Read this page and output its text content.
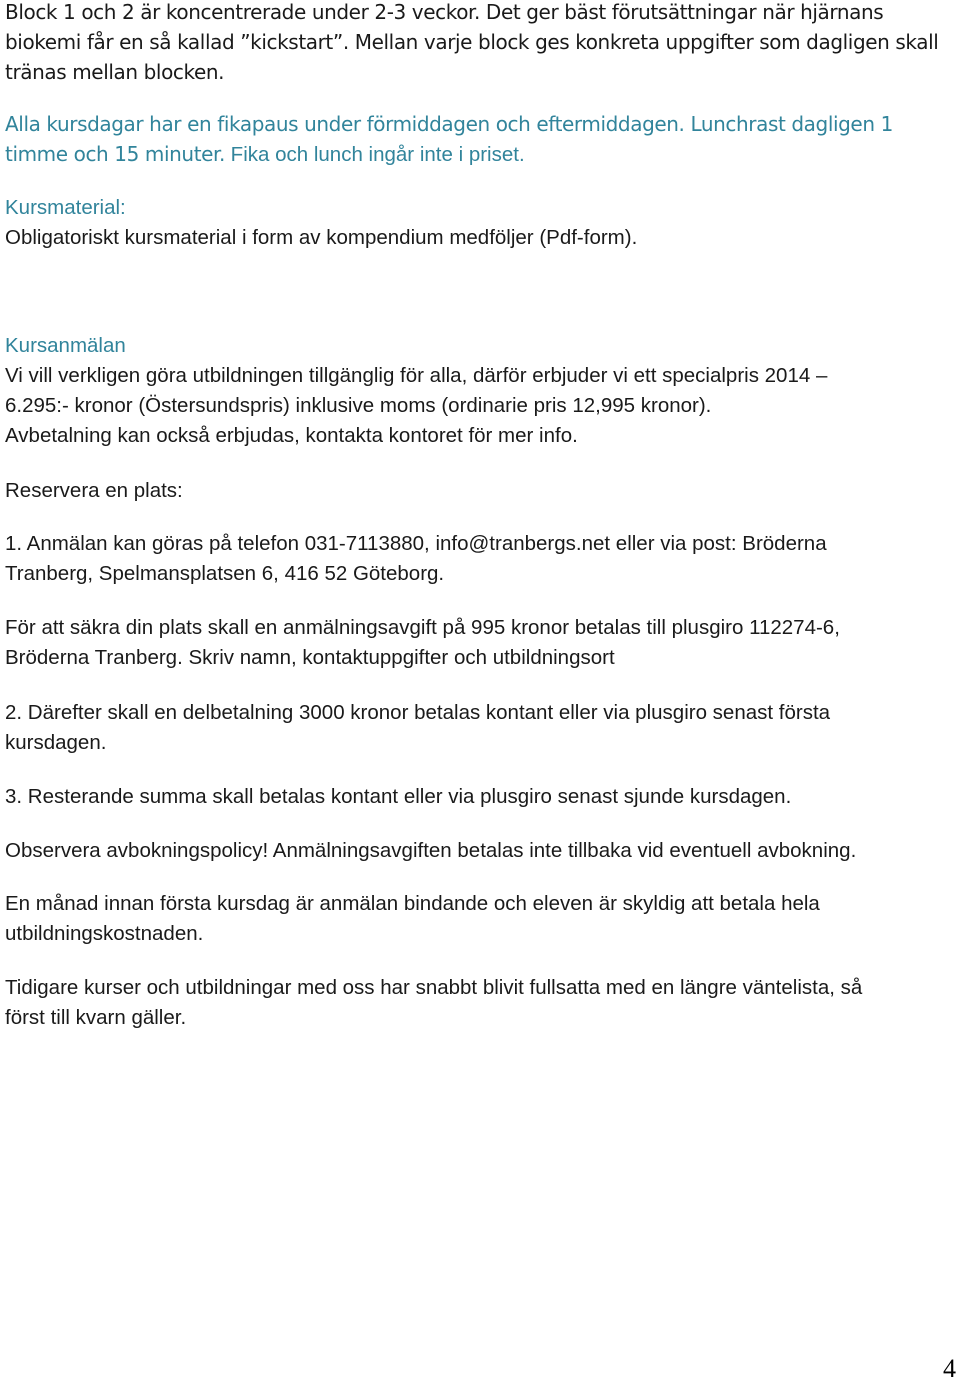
Block 1 och 2 är koncentrerade under 2-3 veckor. Det ger bäst förutsättningar när hjärnans
biokemi får en så kallad ”kickstart”. Mellan varje block ges konkreta uppgifter som dagligen skall
tränas mellan blocken.
Alla kursdagar har en fikapaus under förmiddagen och eftermiddagen. Lunchrast dagligen 1
timme och 15 minuter. Fika och lunch ingår inte i priset.
Kursmaterial:
Obligatoriskt kursmaterial i form av kompendium medföljer (Pdf-form).
Kursanmälan
Vi vill verkligen göra utbildningen tillgänglig för alla, därför erbjuder vi ett specialpris 2014 –
6.295:- kronor (Östersundspris) inklusive moms (ordinarie pris 12,995 kronor).
Avbetalning kan också erbjudas, kontakta kontoret för mer info.
Reservera en plats:
1. Anmälan kan göras på telefon 031-7113880, info@tranbergs.net eller via post: Bröderna
Tranberg, Spelmansplatsen 6, 416 52 Göteborg.
För att säkra din plats skall en anmälningsavgift på 995 kronor betalas till plusgiro 112274-6,
Bröderna Tranberg. Skriv namn, kontaktuppgifter och utbildningsort
2. Därefter skall en delbetalning 3000 kronor betalas kontant eller via plusgiro senast första
kursdagen.
3. Resterande summa skall betalas kontant eller via plusgiro senast sjunde kursdagen.
Observera avbokningspolicy! Anmälningsavgiften betalas inte tillbaka vid eventuell avbokning.
En månad innan första kursdag är anmälan bindande och eleven är skyldig att betala hela
utbildningskostnaden.
Tidigare kurser och utbildningar med oss har snabbt blivit fullsatta med en längre väntelista, så
först till kvarn gäller.
4
